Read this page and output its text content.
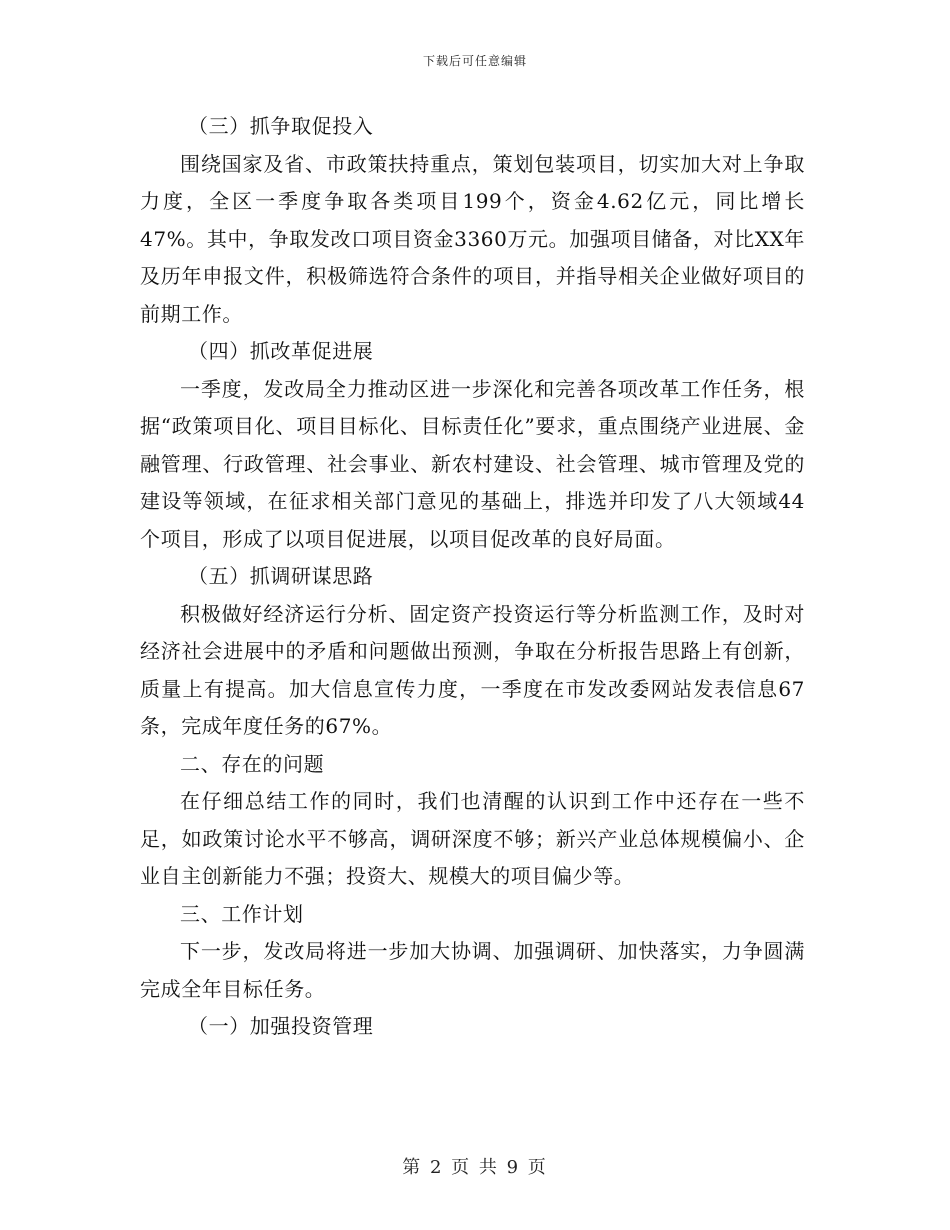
下载后可任意编辑

（三）抓争取促投入

围绕国家及省、市政策扶持重点，策划包装项目，切实加大对上争取力度，全区一季度争取各类项目199个，资金4.62亿元，同比增长47%。其中，争取发改口项目资金3360万元。加强项目储备，对比XX年及历年申报文件，积极筛选符合条件的项目，并指导相关企业做好项目的前期工作。

（四）抓改革促进展

一季度，发改局全力推动区进一步深化和完善各项改革工作任务，根据“政策项目化、项目目标化、目标责任化”要求，重点围绕产业进展、金融管理、行政管理、社会事业、新农村建设、社会管理、城市管理及党的建设等领域，在征求相关部门意见的基础上，排选并印发了八大领域44个项目，形成了以项目促进展，以项目促改革的良好局面。

（五）抓调研谋思路

积极做好经济运行分析、固定资产投资运行等分析监测工作，及时对经济社会进展中的矛盾和问题做出预测，争取在分析报告思路上有创新，质量上有提高。加大信息宣传力度，一季度在市发改委网站发表信息67条，完成年度任务的67%。

二、存在的问题

在仔细总结工作的同时，我们也清醒的认识到工作中还存在一些不足，如政策讨论水平不够高，调研深度不够；新兴产业总体规模偏小、企业自主创新能力不强；投资大、规模大的项目偏少等。

三、工作计划

下一步，发改局将进一步加大协调、加强调研、加快落实，力争圆满完成全年目标任务。

（一）加强投资管理

第 2 页 共 9 页
